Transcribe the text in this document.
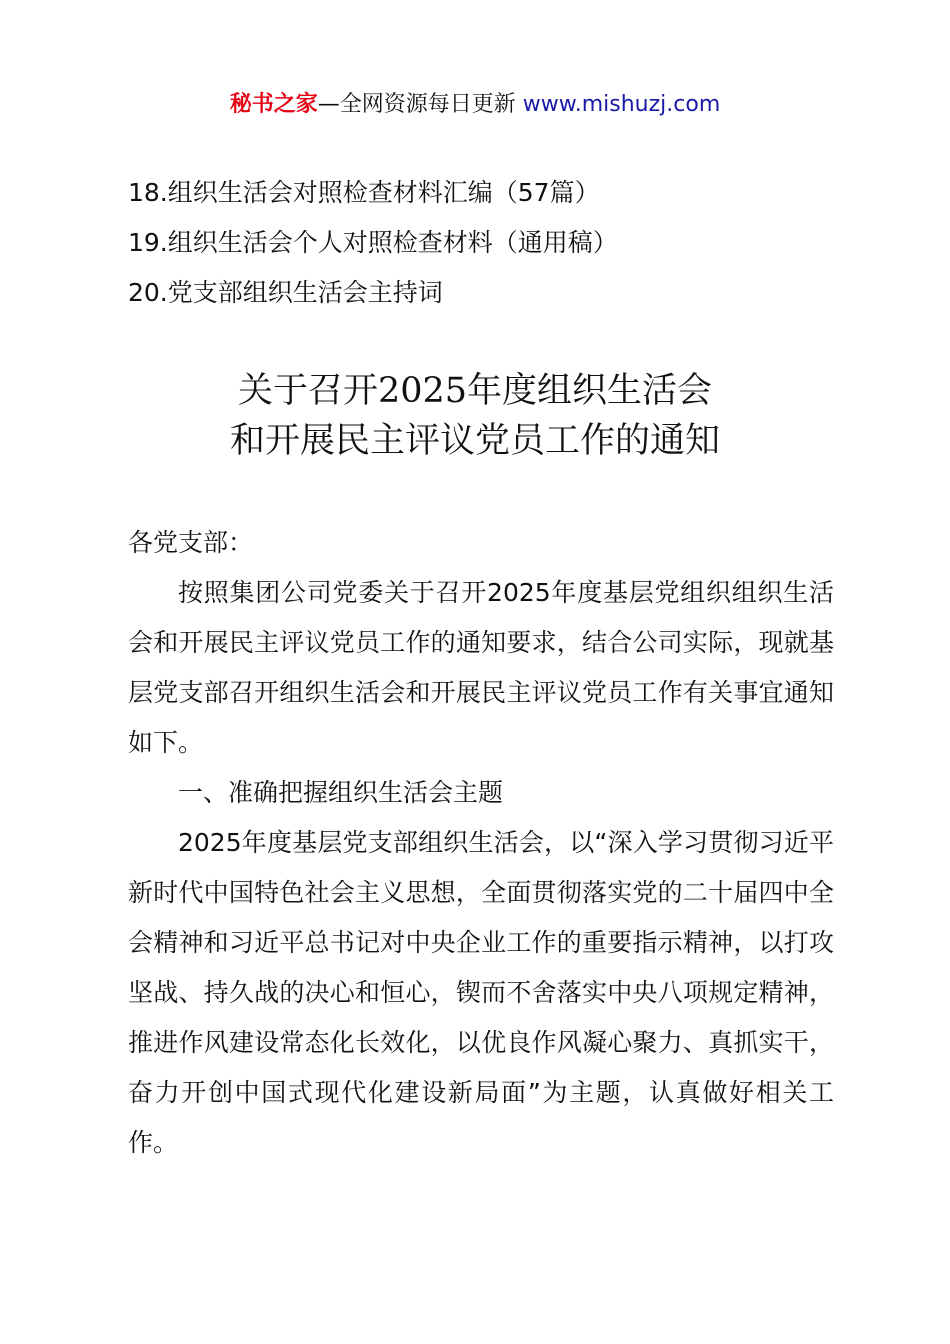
秘书之家—全网资源每日更新 www.mishuzj.com
18.组织生活会对照检查材料汇编（57篇）
19.组织生活会个人对照检查材料（通用稿）
20.党支部组织生活会主持词
关于召开2025年度组织生活会
和开展民主评议党员工作的通知
各党支部：
按照集团公司党委关于召开2025年度基层党组织组织生活会和开展民主评议党员工作的通知要求，结合公司实际，现就基层党支部召开组织生活会和开展民主评议党员工作有关事宜通知如下。
一、准确把握组织生活会主题
2025年度基层党支部组织生活会，以“深入学习贯彻习近平新时代中国特色社会主义思想，全面贯彻落实党的二十届四中全会精神和习近平总书记对中央企业工作的重要指示精神，以打攻坚战、持久战的决心和恒心，锲而不舍落实中央八项规定精神，推进作风建设常态化长效化，以优良作风凝心聚力、真抓实干，奋力开创中国式现代化建设新局面”为主题，认真做好相关工作。
